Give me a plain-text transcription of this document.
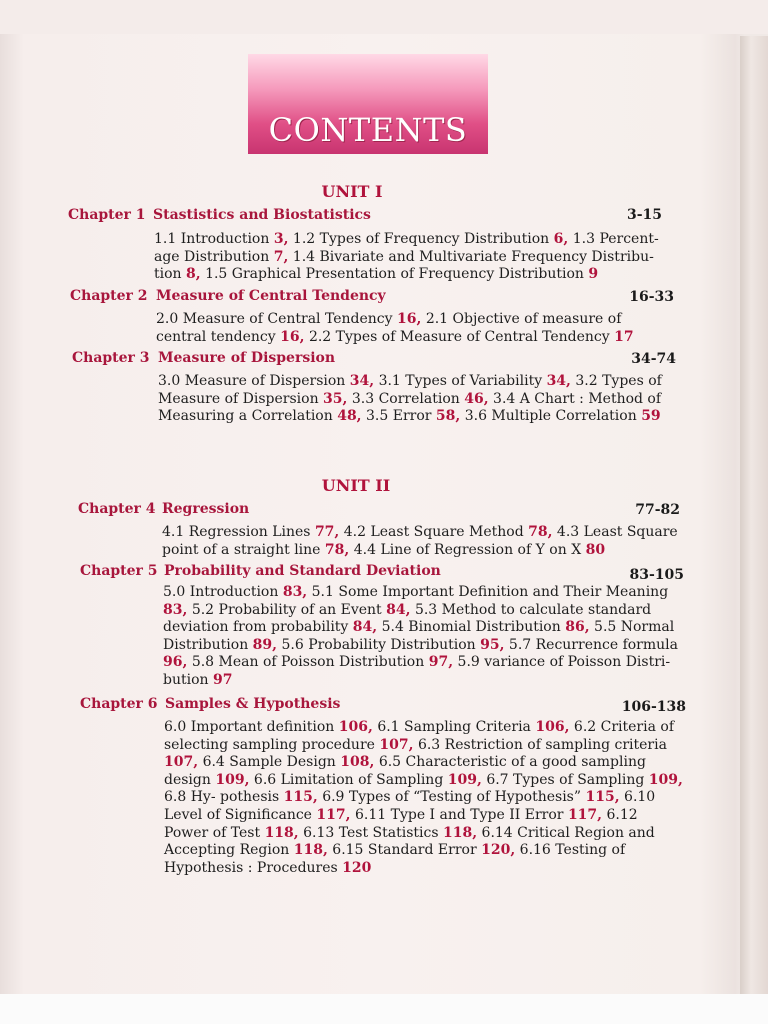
CONTENTS
UNIT I
Chapter 1 Stastistics and Biostatistics	3-15
1.1 Introduction 3, 1.2 Types of Frequency Distribution 6, 1.3 Percent- age Distribution 7, 1.4 Bivariate and Multivariate Frequency Distribu- tion 8, 1.5 Graphical Presentation of Frequency Distribution 9
Chapter 2 Measure of Central Tendency	16-33
2.0 Measure of Central Tendency 16, 2.1 Objective of measure of central tendency 16, 2.2 Types of Measure of Central Tendency 17
Chapter 3 Measure of Dispersion	34-74
3.0 Measure of Dispersion 34, 3.1 Types of Variability 34, 3.2 Types of Measure of Dispersion 35, 3.3 Correlation 46, 3.4 A Chart : Method of Measuring a Correlation 48, 3.5 Error 58, 3.6 Multiple Correlation 59
UNIT II
Chapter 4 Regression	77-82
4.1 Regression Lines 77, 4.2 Least Square Method 78, 4.3 Least Square point of a straight line 78, 4.4 Line of Regression of Y on X 80
Chapter 5 Probability and Standard Deviation	83-105
5.0 Introduction 83, 5.1 Some Important Definition and Their Meaning 83, 5.2 Probability of an Event 84, 5.3 Method to calculate standard deviation from probability 84, 5.4 Binomial Distribution 86, 5.5 Normal Distribution 89, 5.6 Probability Distribution 95, 5.7 Recurrence formula 96, 5.8 Mean of Poisson Distribution 97, 5.9 variance of Poisson Distri- bution 97
Chapter 6 Samples & Hypothesis	106-138
6.0 Important definition 106, 6.1 Sampling Criteria 106, 6.2 Criteria of selecting sampling procedure 107, 6.3 Restriction of sampling criteria 107, 6.4 Sample Design 108, 6.5 Characteristic of a good sampling design 109, 6.6 Limitation of Sampling 109, 6.7 Types of Sampling 109, 6.8 Hy- pothesis 115, 6.9 Types of “Testing of Hypothesis” 115, 6.10 Level of Significance 117, 6.11 Type I and Type II Error 117, 6.12 Power of Test 118, 6.13 Test Statistics 118, 6.14 Critical Region and Accepting Region 118, 6.15 Standard Error 120, 6.16 Testing of Hypothesis : Procedures 120
